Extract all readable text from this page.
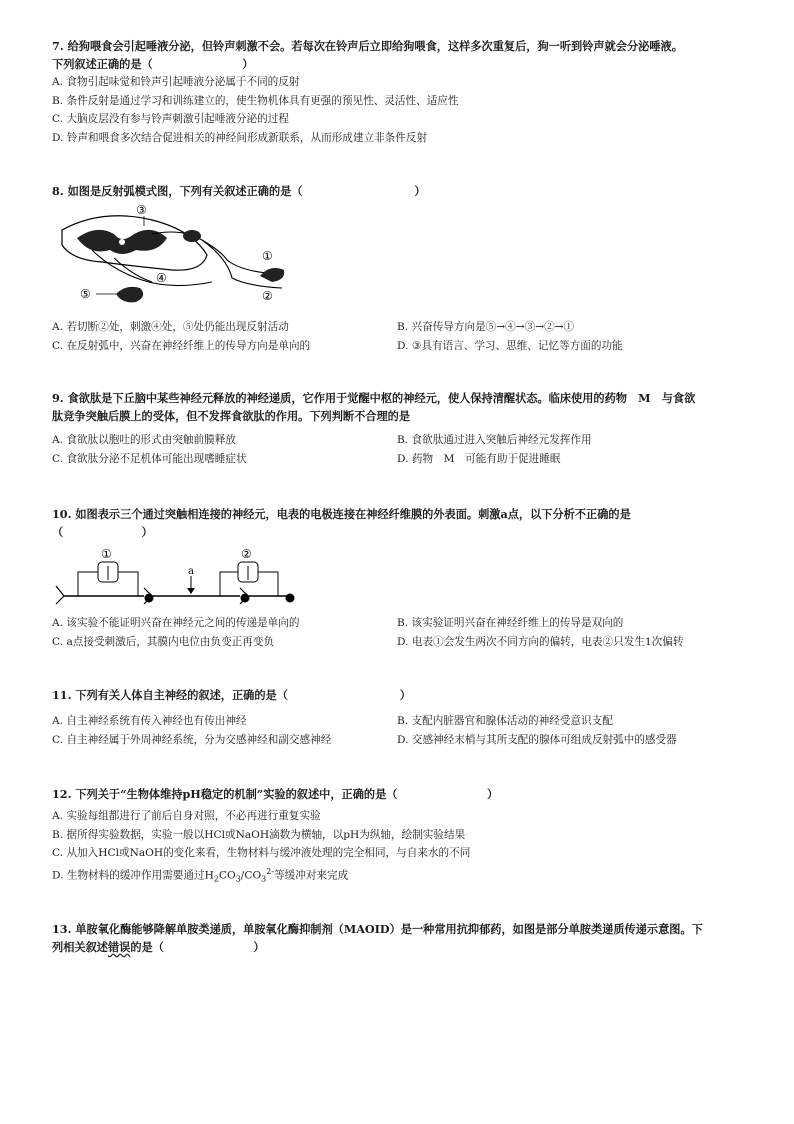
7. 给狗喂食会引起唾液分泌，但铃声刺激不会。若每次在铃声后立即给狗喂食，这样多次重复后，狗一听到铃声就会分泌唾液。

下列叙述正确的是（　　　　　　　　）

A. 食物引起味觉和铃声引起唾液分泌属于不同的反射

B. 条件反射是通过学习和训练建立的，使生物机体具有更强的预见性、灵活性、适应性

C. 大脑皮层没有参与铃声刺激引起唾液分泌的过程

D. 铃声和喂食多次结合促进相关的神经间形成新联系，从而形成建立非条件反射

8. 如图是反射弧模式图，下列有关叙述正确的是（　　　　　　　　　　）

③
①
④
⑤	②
A. 若切断②处，刺激④处，⑤处仍能出现反射活动	B. 兴奋传导方向是⑤→④→③→②→①
C. 在反射弧中，兴奋在神经纤维上的传导方向是单向的	D. ③具有语言、学习、思维、记忆等方面的功能

9. 食欲肽是下丘脑中某些神经元释放的神经递质，它作用于觉醒中枢的神经元，使人保持清醒状态。临床使用的药物　M　与食欲

肽竞争突触后膜上的受体，但不发挥食欲肽的作用。下列判断不合理的是

A. 食欲肽以胞吐的形式由突触前膜释放	B. 食欲肽通过进入突触后神经元发挥作用
C. 食欲肽分泌不足机体可能出现嗜睡症状	D. 药物　M　可能有助于促进睡眠

10. 如图表示三个通过突触相连接的神经元，电表的电极连接在神经纤维膜的外表面。刺激a点，以下分析不正确的是

（　　　　　　　）

①
a
②
A. 该实验不能证明兴奋在神经元之间的传递是单向的	B. 该实验证明兴奋在神经纤维上的传导是双向的
C. a点接受刺激后，其膜内电位由负变正再变负	D. 电表①会发生两次不同方向的偏转，电表②只发生1次偏转

11. 下列有关人体自主神经的叙述，正确的是（　　　　　　　　　　）

A. 自主神经系统有传入神经也有传出神经	B. 支配内脏器官和腺体活动的神经受意识支配
C. 自主神经属于外周神经系统，分为交感神经和副交感神经	D. 交感神经末梢与其所支配的腺体可组成反射弧中的感受器

12. 下列关于“生物体维持pH稳定的机制”实验的叙述中，正确的是（　　　　　　　　）

A. 实验每组都进行了前后自身对照，不必再进行重复实验

B. 据所得实验数据，实验一般以HCl或NaOH滴数为横轴，以pH为纵轴，绘制实验结果

C. 从加入HCl或NaOH的变化来看，生物材料与缓冲液处理的完全相同，与自来水的不同

D. 生物材料的缓冲作用需要通过$H_2CO_3/CO_3^{2-}$等缓冲对来完成

13. 单胺氧化酶能够降解单胺类递质，单胺氧化酶抑制剂（MAOID）是一种常用抗抑郁药，如图是部分单胺类递质传递示意图。下

列相关叙述错误的是（　　　　　　　　）
